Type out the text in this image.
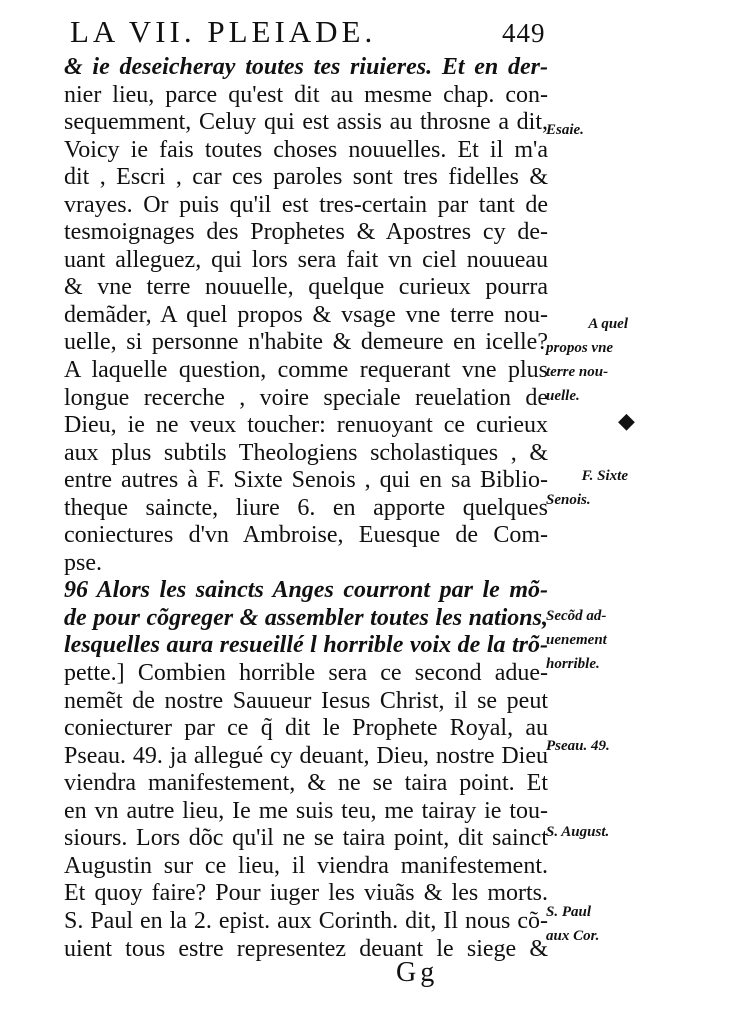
LA VII. PLEIADE.	449
& ie deseicheray toutes tes riuieres. Et en der-
nier lieu, parce qu'est dit au mesme chap. con-
sequemment, Celuy qui est assis au throsne a dit,
Voicy ie fais toutes choses nouuelles. Et il m'a
dit , Escri , car ces paroles sont tres fidelles &
vrayes. Or puis qu'il est tres-certain par tant de
tesmoignages des Prophetes & Apostres cy de-
uant alleguez, qui lors sera fait vn ciel nouueau
& vne terre nouuelle, quelque curieux pourra
demãder, A quel propos & vsage vne terre nou-
uelle, si personne n'habite & demeure en icelle?
A laquelle question, comme requerant vne plus
longue recerche , voire speciale reuelation de
Dieu, ie ne veux toucher: renuoyant ce curieux
aux plus subtils Theologiens scholastiques , &
entre autres à F. Sixte Senois , qui en sa Biblio-
theque saincte, liure 6. en apporte quelques
coniectures d'vn Ambroise, Euesque de Com-
pse.
96 Alors les saincts Anges courront par le mõ-
de pour cõgreger & assembler toutes les nations,
lesquelles aura resueillé l horrible voix de la trõ-
pette.] Combien horrible sera ce second adue-
nemẽt de nostre Sauueur Iesus Christ, il se peut
coniecturer par ce q̃ dit le Prophete Royal, au
Pseau. 49. ja allegué cy deuant, Dieu, nostre Dieu
viendra manifestement, & ne se taira point. Et
en vn autre lieu, Ie me suis teu, me tairay ie tou-
siours. Lors dõc qu'il ne se taira point, dit sainct
Augustin sur ce lieu, il viendra manifestement.
Et quoy faire? Pour iuger les viuãs & les morts.
S. Paul en la 2. epist. aux Corinth. dit, Il nous cõ-
uient tous estre representez deuant le siege &
Esaie.
A quel
propos vne
terre nou-
uelle.
F. Sixte
Senois.
Secõd ad-
uenement
horrible.
Pseau. 49.
S. August.
S. Paul
aux Cor.
◆
Gg
